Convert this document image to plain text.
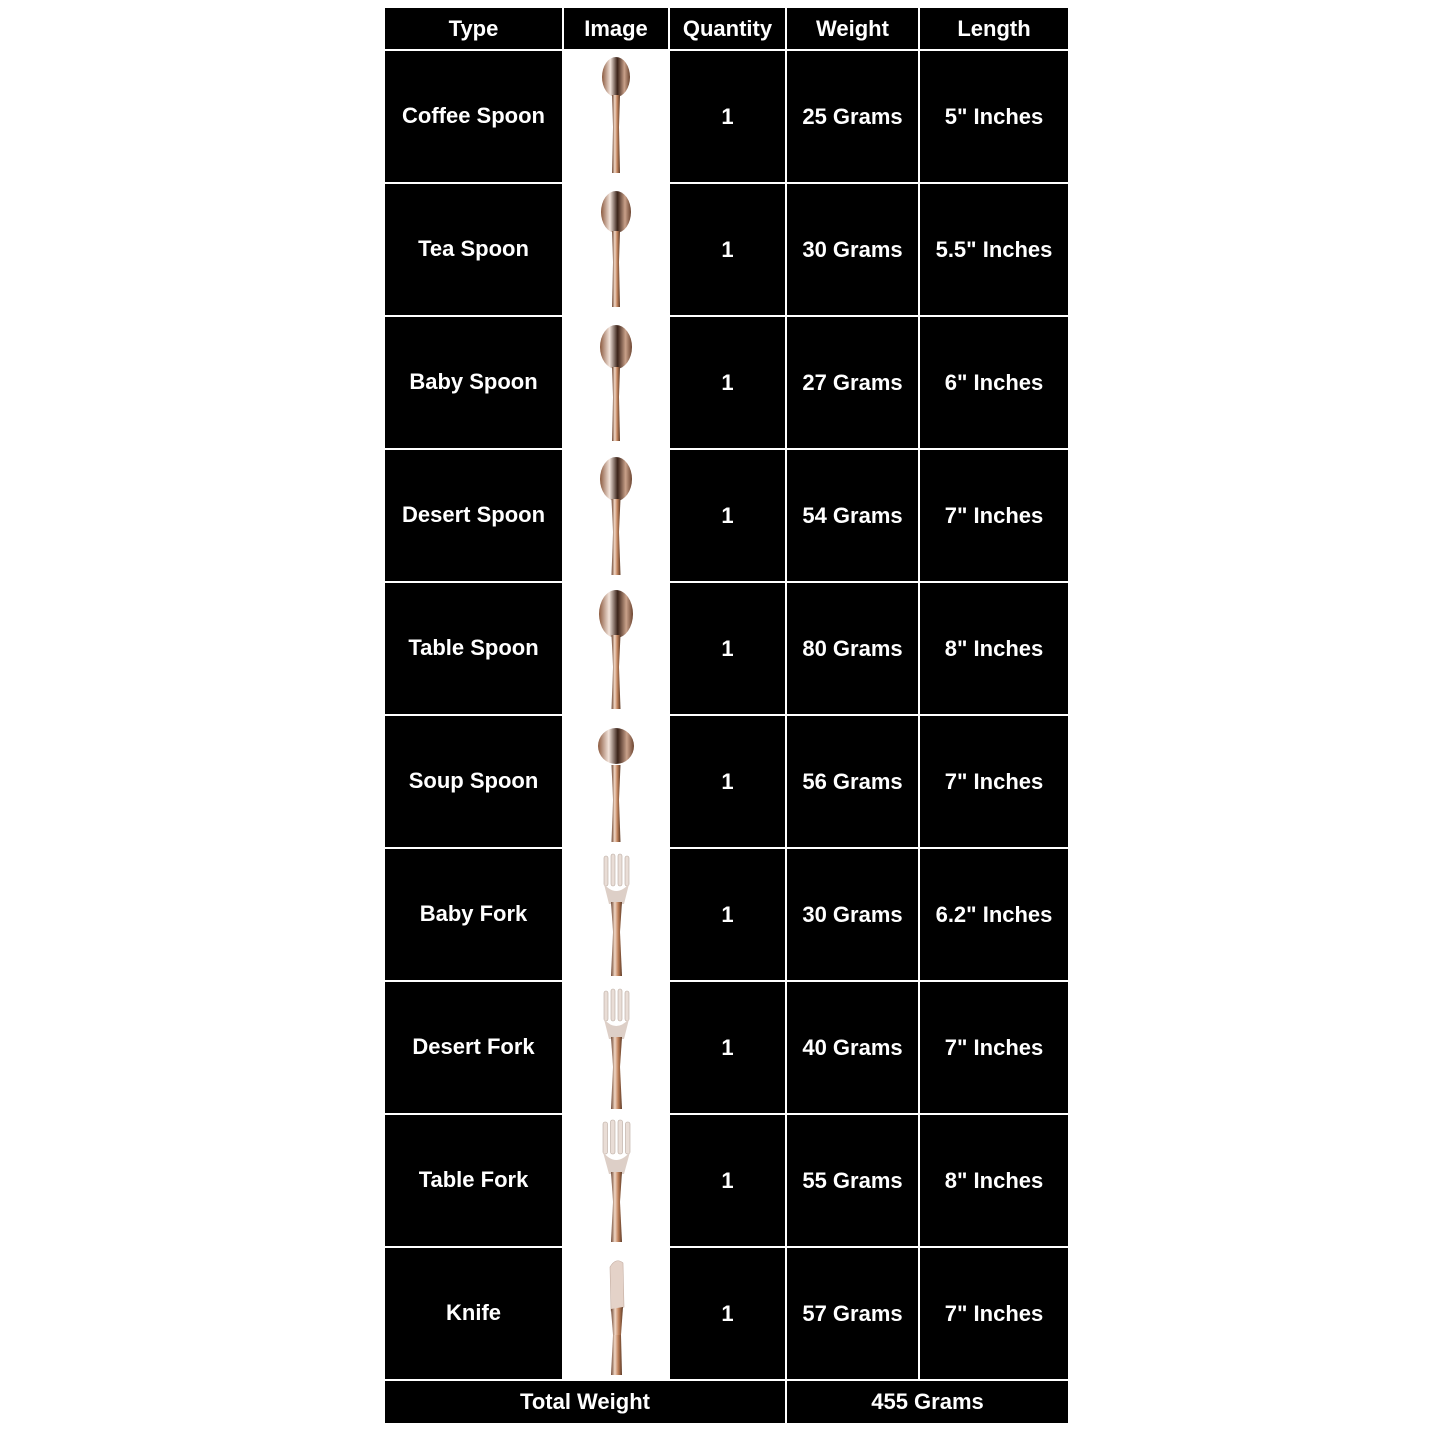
Type	Image	Quantity	Weight	Length
Coffee Spoon		1	25 Grams	5" Inches
Tea Spoon		1	30 Grams	5.5" Inches
Baby Spoon		1	27 Grams	6" Inches
Desert Spoon		1	54 Grams	7" Inches
Table Spoon		1	80 Grams	8" Inches
Soup Spoon		1	56 Grams	7" Inches
Baby Fork		1	30 Grams	6.2" Inches
Desert Fork		1	40 Grams	7" Inches
Table Fork		1	55 Grams	8" Inches
Knife		1	57 Grams	7" Inches
Total Weight			455 Grams	
